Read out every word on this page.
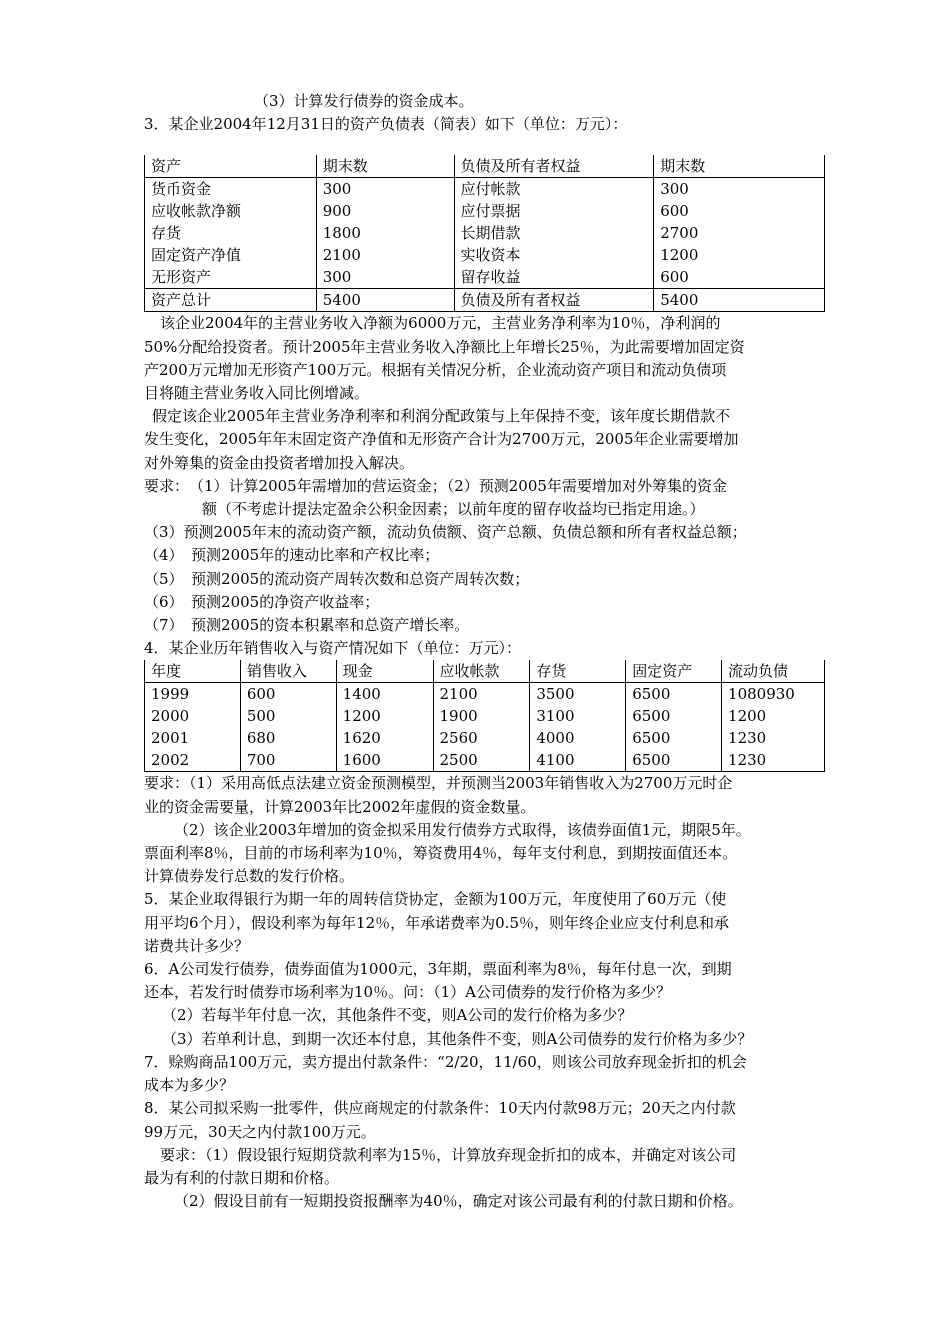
（3）计算发行债券的资金成本。
3．某企业2004年12月31日的资产负债表（简表）如下（单位：万元）：
资产	期末数	负债及所有者权益	期末数
货币资金	300	应付帐款	300
应收帐款净额	900	应付票据	600
存货	1800	长期借款	2700
固定资产净值	2100	实收资本	1200
无形资产	300	留存收益	600
资产总计	5400	负债及所有者权益	5400
该企业2004年的主营业务收入净额为6000万元，主营业务净利率为10％，净利润的
50%分配给投资者。预计2005年主营业务收入净额比上年增长25％，为此需要增加固定资
产200万元增加无形资产100万元。根据有关情况分析，企业流动资产项目和流动负债项
目将随主营业务收入同比例增减。
假定该企业2005年主营业务净利率和利润分配政策与上年保持不变，该年度长期借款不
发生变化，2005年年末固定资产净值和无形资产合计为2700万元，2005年企业需要增加
对外筹集的资金由投资者增加投入解决。
要求：　（1）计算2005年需增加的营运资金；（2）预测2005年需要增加对外筹集的资金
额（不考虑计提法定盈余公积金因素；以前年度的留存收益均已指定用途。）
（3）预测2005年末的流动资产额，流动负债额、资产总额、负债总额和所有者权益总额；
（4）　预测2005年的速动比率和产权比率；
（5）　预测2005的流动资产周转次数和总资产周转次数；
（6）　预测2005的净资产收益率；
（7）　预测2005的资本积累率和总资产增长率。
4．某企业历年销售收入与资产情况如下（单位：万元）：
年度	销售收入	现金	应收帐款	存货	固定资产	流动负债
1999	600	1400	2100	3500	6500	1080930
2000	500	1200	1900	3100	6500	1200
2001	680	1620	2560	4000	6500	1230
2002	700	1600	2500	4100	6500	1230
要求：（1）采用高低点法建立资金预测模型，并预测当2003年销售收入为2700万元时企
业的资金需要量，计算2003年比2002年虚假的资金数量。
（2）该企业2003年增加的资金拟采用发行债券方式取得，该债券面值1元，期限5年。
票面利率8％，目前的市场利率为10％，筹资费用4％，每年支付利息，到期按面值还本。
计算债券发行总数的发行价格。
5．某企业取得银行为期一年的周转信贷协定，金额为100万元，年度使用了60万元（使
用平均6个月），假设利率为每年12％，年承诺费率为0.5％，则年终企业应支付利息和承
诺费共计多少？
6．A公司发行债券，债券面值为1000元，3年期，票面利率为8％，每年付息一次，到期
还本，若发行时债券市场利率为10％。问：（1）A公司债券的发行价格为多少？
（2）若每半年付息一次，其他条件不变，则A公司的发行价格为多少？
（3）若单利计息，到期一次还本付息，其他条件不变，则A公司债券的发行价格为多少？
7．赊购商品100万元，卖方提出付款条件：“2/20，11/60，则该公司放弃现金折扣的机会
成本为多少？
8．某公司拟采购一批零件，供应商规定的付款条件：10天内付款98万元；20天之内付款
99万元，30天之内付款100万元。
要求：（1）假设银行短期贷款利率为15％，计算放弃现金折扣的成本，并确定对该公司
最为有利的付款日期和价格。
（2）假设目前有一短期投资报酬率为40％，确定对该公司最有利的付款日期和价格。
